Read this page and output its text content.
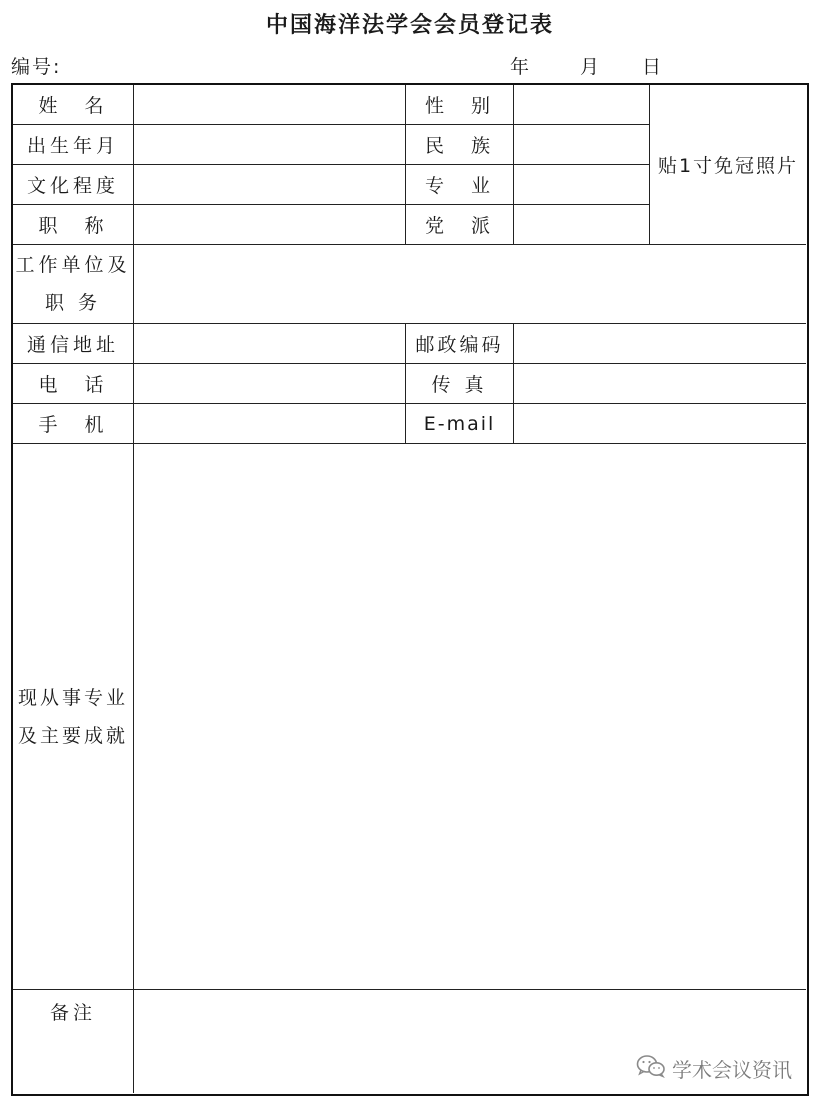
中国海洋法学会会员登记表
编号:	年	月 日
姓　名	性　别
贴1寸免冠照片
出生年月	民　族
文化程度	专　业
职　称	党　派
工作单位及
职 务
通信地址	邮政编码
电　话	传 真
手　机	E-mail
现从事专业
及主要成就
备注
学术会议资讯
